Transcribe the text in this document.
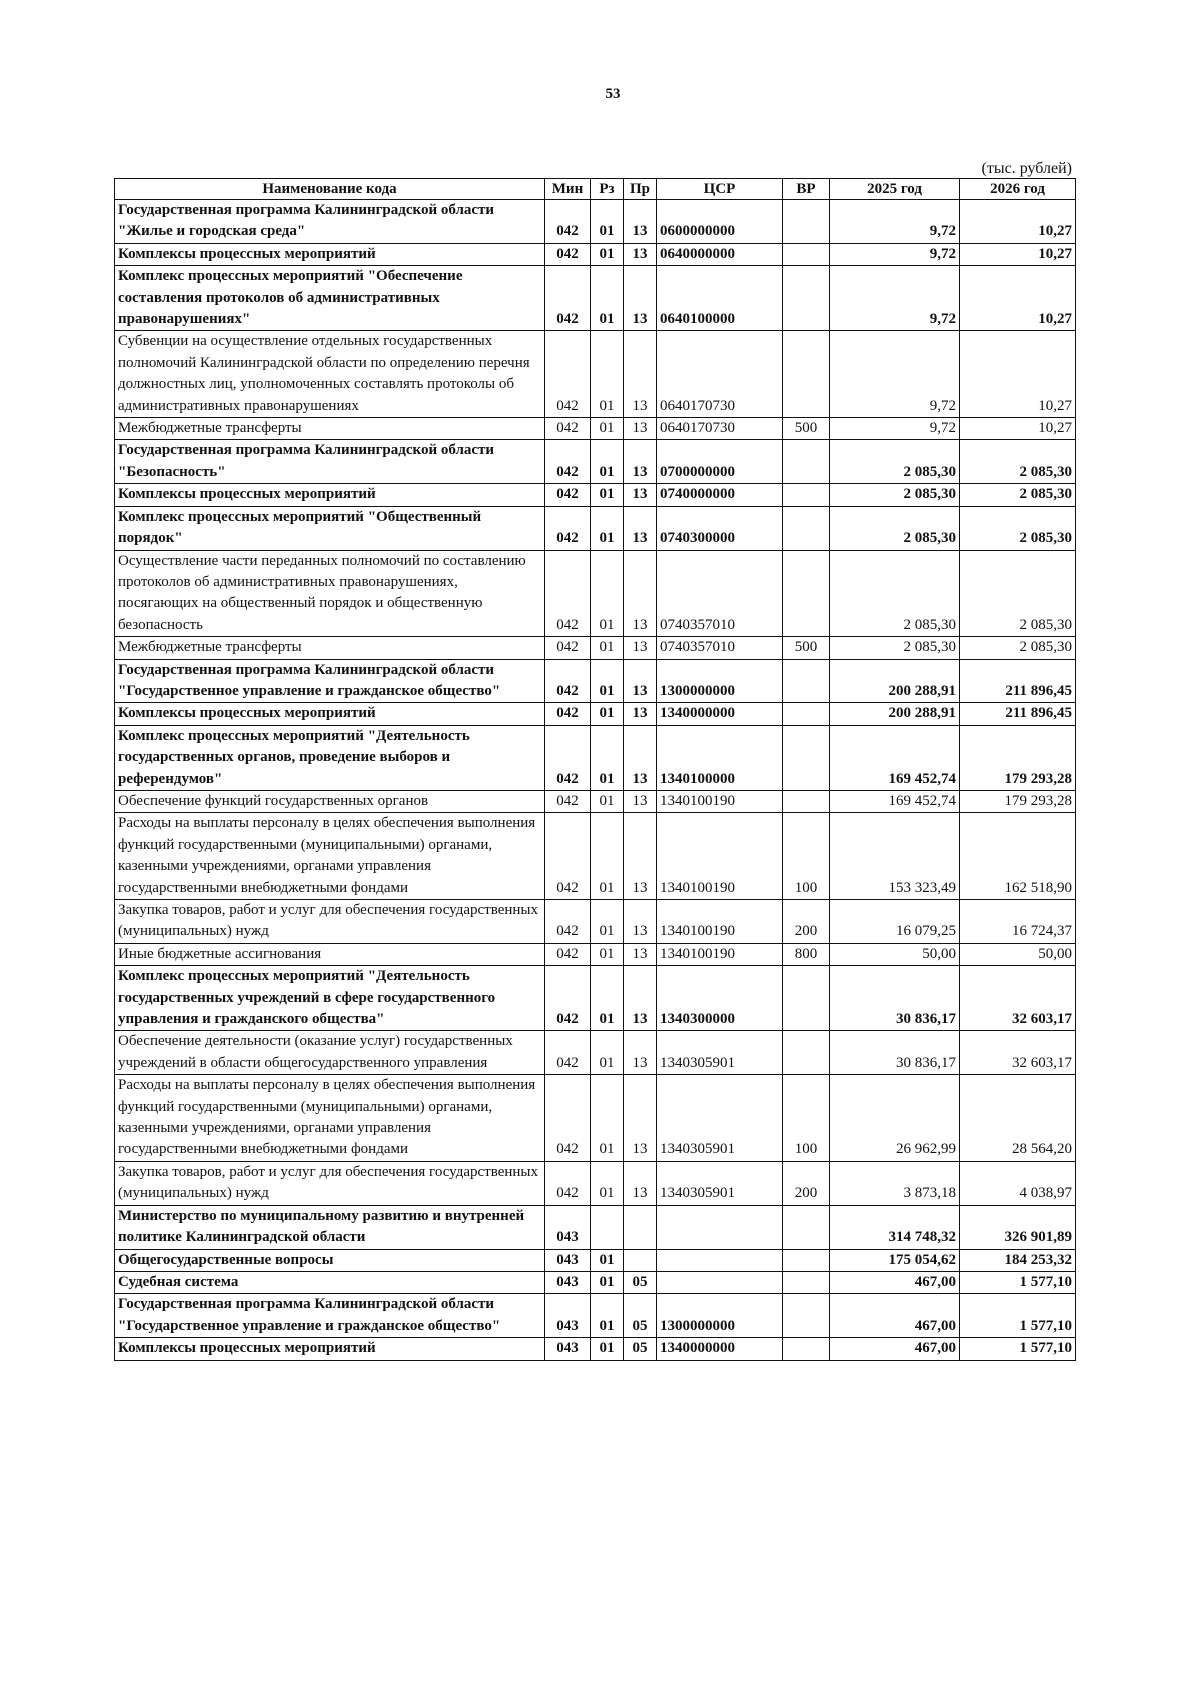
53
(тыс. рублей)
Наименование кода	Мин	Рз	Пр	ЦСР	ВР	2025 год	2026 год
Государственная программа Калининградской области "Жилье и городская среда"	042	01	13	0600000000		9,72	10,27
Комплексы процессных мероприятий	042	01	13	0640000000		9,72	10,27
Комплекс процессных мероприятий "Обеспечение составления протоколов об административных правонарушениях"	042	01	13	0640100000		9,72	10,27
Субвенции на осуществление отдельных государственных полномочий Калининградской области по определению перечня должностных лиц, уполномоченных составлять протоколы об административных правонарушениях	042	01	13	0640170730		9,72	10,27
Межбюджетные трансферты	042	01	13	0640170730	500	9,72	10,27
Государственная программа Калининградской области "Безопасность"	042	01	13	0700000000		2 085,30	2 085,30
Комплексы процессных мероприятий	042	01	13	0740000000		2 085,30	2 085,30
Комплекс процессных мероприятий "Общественный порядок"	042	01	13	0740300000		2 085,30	2 085,30
Осуществление части переданных полномочий по составлению протоколов об административных правонарушениях, посягающих на общественный порядок и общественную безопасность	042	01	13	0740357010		2 085,30	2 085,30
Межбюджетные трансферты	042	01	13	0740357010	500	2 085,30	2 085,30
Государственная программа Калининградской области "Государственное управление и гражданское общество"	042	01	13	1300000000		200 288,91	211 896,45
Комплексы процессных мероприятий	042	01	13	1340000000		200 288,91	211 896,45
Комплекс процессных мероприятий "Деятельность государственных органов, проведение выборов и референдумов"	042	01	13	1340100000		169 452,74	179 293,28
Обеспечение функций государственных органов	042	01	13	1340100190		169 452,74	179 293,28
Расходы на выплаты персоналу в целях обеспечения выполнения функций государственными (муниципальными) органами, казенными учреждениями, органами управления государственными внебюджетными фондами	042	01	13	1340100190	100	153 323,49	162 518,90
Закупка товаров, работ и услуг для обеспечения государственных (муниципальных) нужд	042	01	13	1340100190	200	16 079,25	16 724,37
Иные бюджетные ассигнования	042	01	13	1340100190	800	50,00	50,00
Комплекс процессных мероприятий "Деятельность государственных учреждений в сфере государственного управления и гражданского общества"	042	01	13	1340300000		30 836,17	32 603,17
Обеспечение деятельности (оказание услуг) государственных учреждений в области общегосударственного управления	042	01	13	1340305901		30 836,17	32 603,17
Расходы на выплаты персоналу в целях обеспечения выполнения функций государственными (муниципальными) органами, казенными учреждениями, органами управления государственными внебюджетными фондами	042	01	13	1340305901	100	26 962,99	28 564,20
Закупка товаров, работ и услуг для обеспечения государственных (муниципальных) нужд	042	01	13	1340305901	200	3 873,18	4 038,97
Министерство по муниципальному развитию и внутренней политике Калининградской области	043					314 748,32	326 901,89
Общегосударственные вопросы	043	01				175 054,62	184 253,32
Судебная система	043	01	05			467,00	1 577,10
Государственная программа Калининградской области "Государственное управление и гражданское общество"	043	01	05	1300000000		467,00	1 577,10
Комплексы процессных мероприятий	043	01	05	1340000000		467,00	1 577,10
